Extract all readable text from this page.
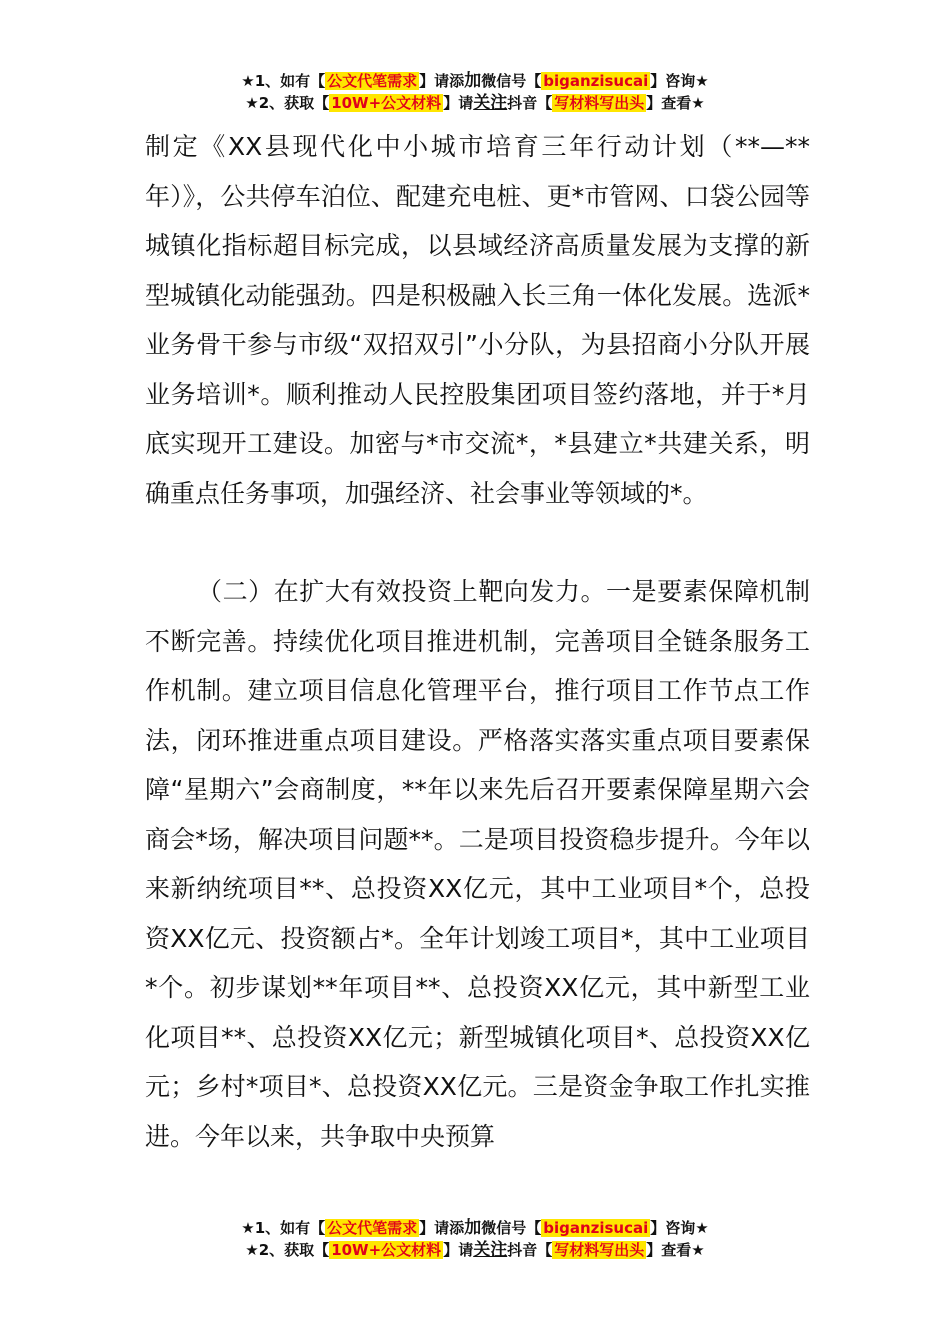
★1、如有【 公文代笔需求 】请添加微信号【 biganzisucai 】咨询★
★2、获取【 10W+公文材料 】请关注抖音【 写材料写出头 】查看★

制定《XX县现代化中小城市培育三年行动计划（**—**年）》，公共停车泊位、配建充电桩、更*市管网、口袋公园等城镇化指标超目标完成，以县域经济高质量发展为支撑的新型城镇化动能强劲。四是积极融入长三角一体化发展。选派*业务骨干参与市级“双招双引”小分队，为县招商小分队开展业务培训*。顺利推动人民控股集团项目签约落地，并于*月底实现开工建设。加密与*市交流*，*县建立*共建关系，明确重点任务事项，加强经济、社会事业等领域的*。

（二）在扩大有效投资上靶向发力。一是要素保障机制不断完善。持续优化项目推进机制，完善项目全链条服务工作机制。建立项目信息化管理平台，推行项目工作节点工作法，闭环推进重点项目建设。严格落实落实重点项目要素保障“星期六”会商制度，**年以来先后召开要素保障星期六会商会*场，解决项目问题**。二是项目投资稳步提升。今年以来新纳统项目**、总投资XX亿元，其中工业项目*个，总投资XX亿元、投资额占*。全年计划竣工项目*，其中工业项目*个。初步谋划**年项目**、总投资XX亿元，其中新型工业化项目**、总投资XX亿元；新型城镇化项目*、总投资XX亿元；乡村*项目*、总投资XX亿元。三是资金争取工作扎实推进。今年以来，共争取中央预算

★1、如有【 公文代笔需求 】请添加微信号【 biganzisucai 】咨询★
★2、获取【 10W+公文材料 】请关注抖音【 写材料写出头 】查看★
